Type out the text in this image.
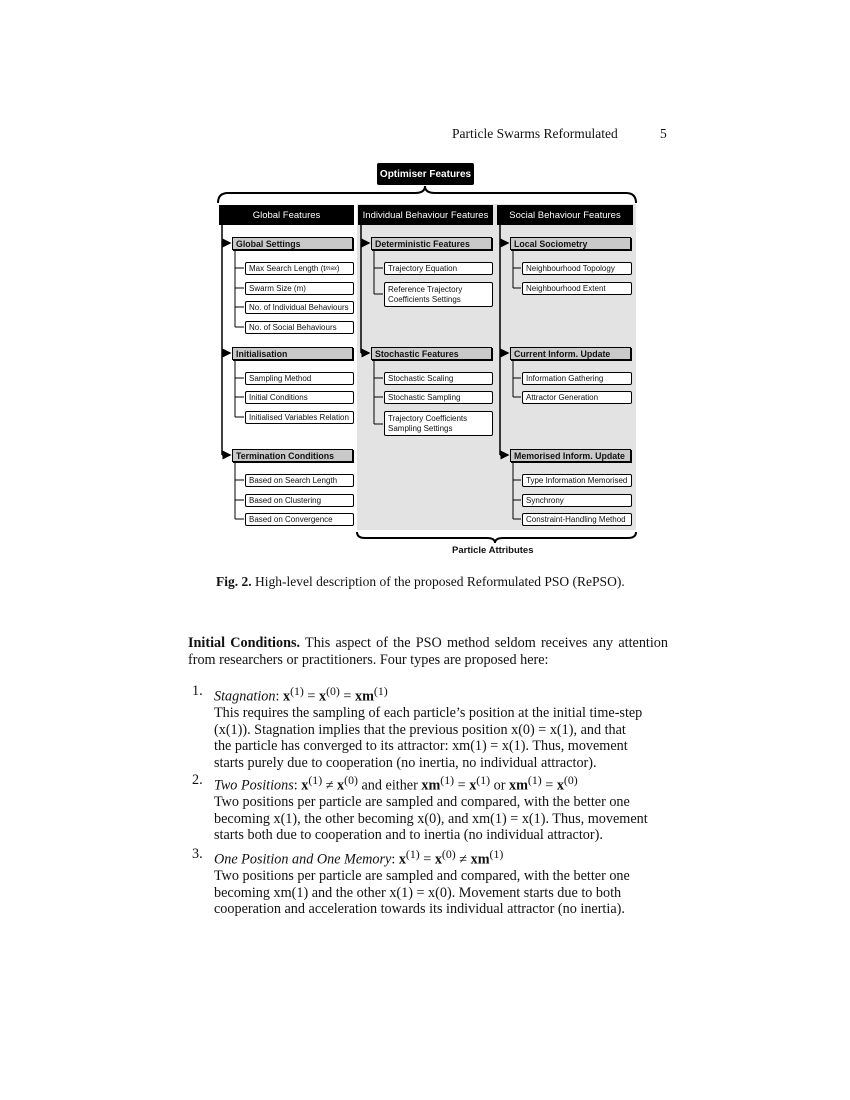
Particle Swarms Reformulated	5
Optimiser Features
Global Features	Individual Behaviour Features	Social Behaviour Features
Global Settings
Max Search Length (t max )
Swarm Size (m)
No. of Individual Behaviours
No. of Social Behaviours
Initialisation
Sampling Method
Initial Conditions
Initialised Variables Relation
Termination Conditions
Based on Search Length
Based on Clustering
Based on Convergence
Deterministic Features
Trajectory Equation
Reference Trajectory Coefficients Settings
Stochastic Features
Stochastic Scaling
Stochastic Sampling
Trajectory Coefficients Sampling Settings
Local Sociometry
Neighbourhood Topology
Neighbourhood Extent
Current Inform. Update
Information Gathering
Attractor Generation
Memorised Inform. Update
Type Information Memorised
Synchrony
Constraint-Handling Method
Particle Attributes
Fig. 2. High-level description of the proposed Reformulated PSO (RePSO).
Initial Conditions. This aspect of the PSO method seldom receives any attention from researchers or practitioners. Four types are proposed here:
1. Stagnation: $x^{(1)} = x^{(0)} = xm^{(1)}$
This requires the sampling of each particle’s position at the initial time-step
(x(1)). Stagnation implies that the previous position x(0) = x(1), and that
the particle has converged to its attractor: xm(1) = x(1). Thus, movement
starts purely due to cooperation (no inertia, no individual attractor).
2. Two Positions: $x^{(1)} \ne x^{(0)}$ and either $xm^{(1)} = x^{(1)}$ or $xm^{(1)} = x^{(0)}$
Two positions per particle are sampled and compared, with the better one
becoming x(1), the other becoming x(0), and xm(1) = x(1). Thus, movement
starts both due to cooperation and to inertia (no individual attractor).
3. One Position and One Memory: $x^{(1)} = x^{(0)} \ne xm^{(1)}$
Two positions per particle are sampled and compared, with the better one
becoming xm(1) and the other x(1) = x(0). Movement starts due to both
cooperation and acceleration towards its individual attractor (no inertia).
